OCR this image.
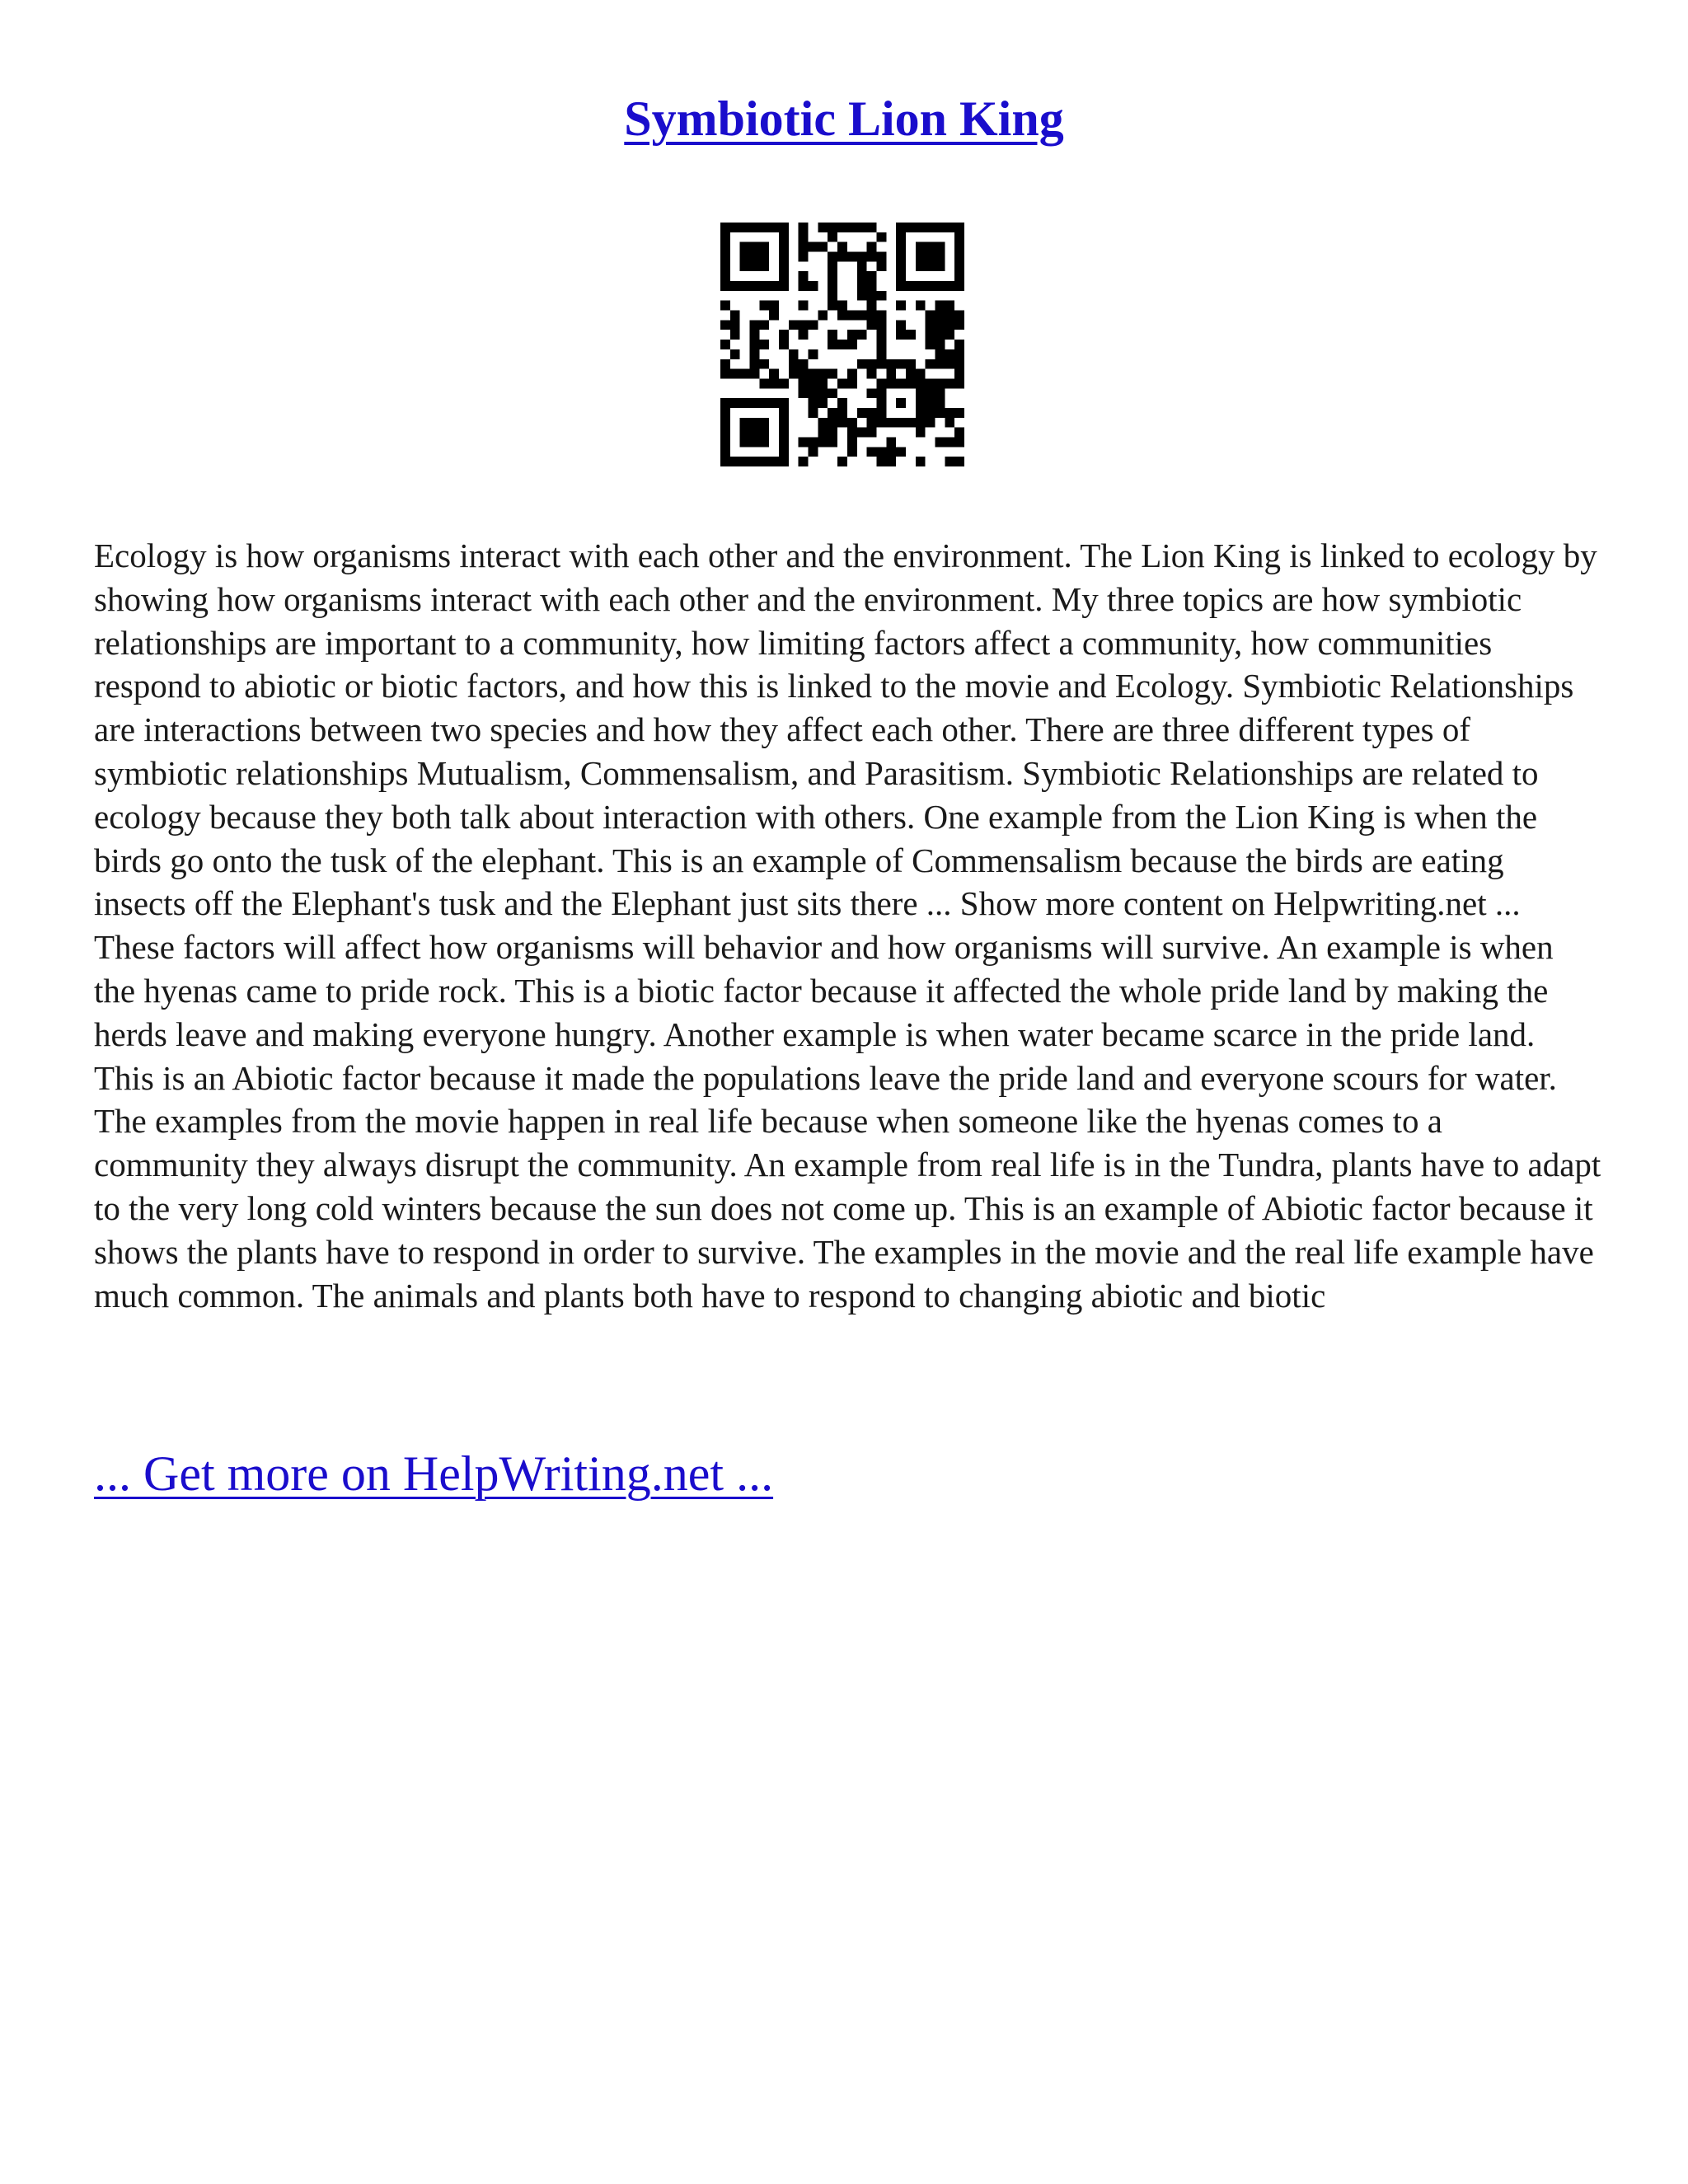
Symbiotic Lion King

Ecology is how organisms interact with each other and the environment. The Lion King is linked to ecology by showing how organisms interact with each other and the environment. My three topics are how symbiotic relationships are important to a community, how limiting factors affect a community, how communities respond to abiotic or biotic factors, and how this is linked to the movie and Ecology. Symbiotic Relationships are interactions between two species and how they affect each other. There are three different types of symbiotic relationships Mutualism, Commensalism, and Parasitism. Symbiotic Relationships are related to ecology because they both talk about interaction with others. One example from the Lion King is when the birds go onto the tusk of the elephant. This is an example of Commensalism because the birds are eating insects off the Elephant's tusk and the Elephant just sits there ... Show more content on Helpwriting.net ... These factors will affect how organisms will behavior and how organisms will survive. An example is when the hyenas came to pride rock. This is a biotic factor because it affected the whole pride land by making the herds leave and making everyone hungry. Another example is when water became scarce in the pride land. This is an Abiotic factor because it made the populations leave the pride land and everyone scours for water. The examples from the movie happen in real life because when someone like the hyenas comes to a community they always disrupt the community. An example from real life is in the Tundra, plants have to adapt to the very long cold winters because the sun does not come up. This is an example of Abiotic factor because it shows the plants have to respond in order to survive. The examples in the movie and the real life example have much common. The animals and plants both have to respond to changing abiotic and biotic

... Get more on HelpWriting.net ...
